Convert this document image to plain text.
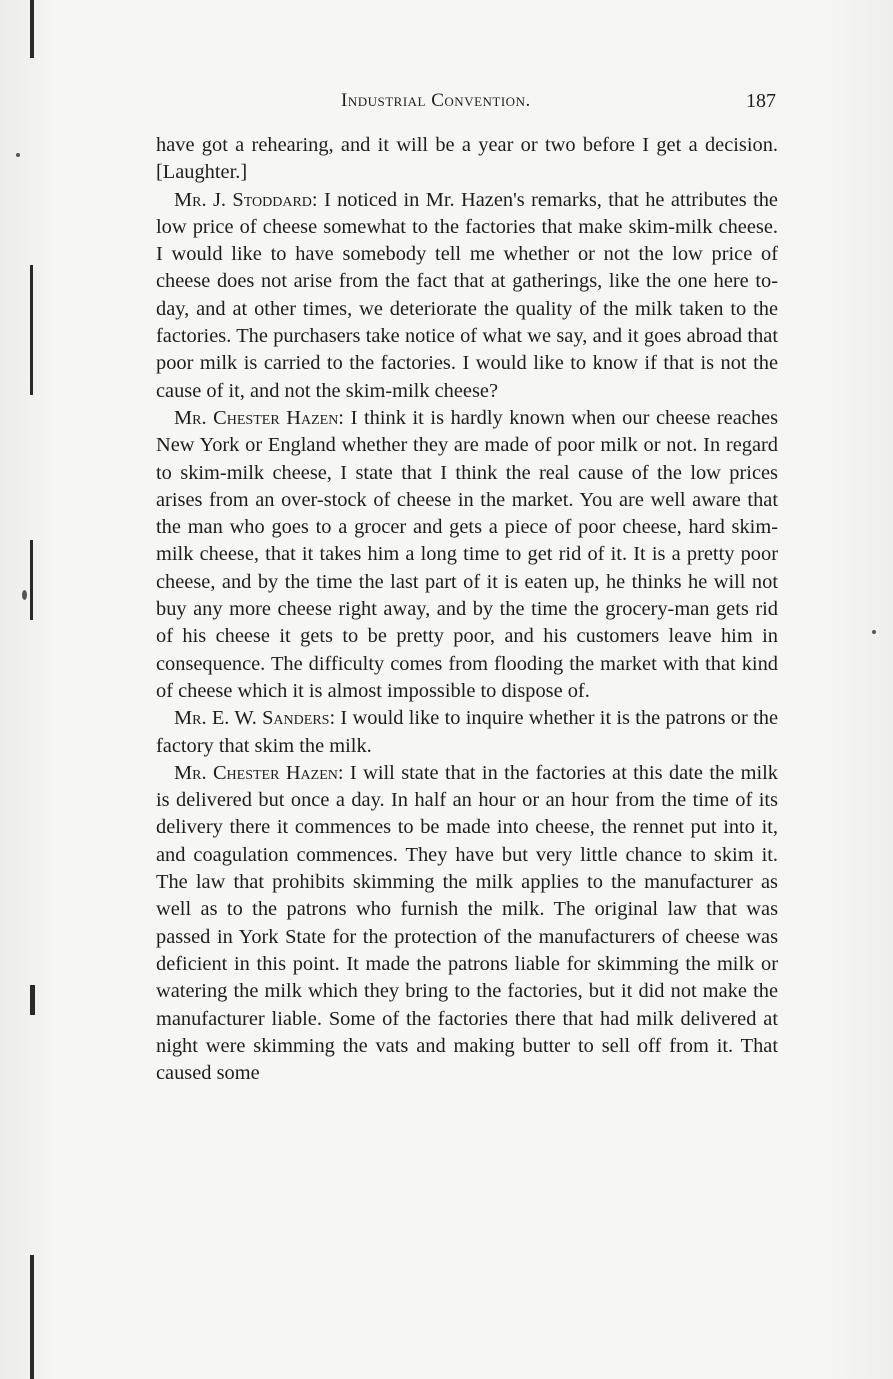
Industrial Convention.	187

have got a rehearing, and it will be a year or two before I get a decision. [Laughter.]

Mr. J. Stoddard: I noticed in Mr. Hazen's remarks, that he attributes the low price of cheese somewhat to the factories that make skim-milk cheese. I would like to have somebody tell me whether or not the low price of cheese does not arise from the fact that at gatherings, like the one here to-day, and at other times, we deteriorate the quality of the milk taken to the factories. The purchasers take notice of what we say, and it goes abroad that poor milk is carried to the factories. I would like to know if that is not the cause of it, and not the skim-milk cheese?

Mr. Chester Hazen: I think it is hardly known when our cheese reaches New York or England whether they are made of poor milk or not. In regard to skim-milk cheese, I state that I think the real cause of the low prices arises from an over-stock of cheese in the market. You are well aware that the man who goes to a grocer and gets a piece of poor cheese, hard skim-milk cheese, that it takes him a long time to get rid of it. It is a pretty poor cheese, and by the time the last part of it is eaten up, he thinks he will not buy any more cheese right away, and by the time the grocery-man gets rid of his cheese it gets to be pretty poor, and his customers leave him in consequence. The difficulty comes from flooding the market with that kind of cheese which it is almost impossible to dispose of.

Mr. E. W. Sanders: I would like to inquire whether it is the patrons or the factory that skim the milk.

Mr. Chester Hazen: I will state that in the factories at this date the milk is delivered but once a day. In half an hour or an hour from the time of its delivery there it commences to be made into cheese, the rennet put into it, and coagulation commences. They have but very little chance to skim it. The law that prohibits skimming the milk applies to the manufacturer as well as to the patrons who furnish the milk. The original law that was passed in York State for the protection of the manufacturers of cheese was deficient in this point. It made the patrons liable for skimming the milk or watering the milk which they bring to the factories, but it did not make the manufacturer liable. Some of the factories there that had milk delivered at night were skimming the vats and making butter to sell off from it. That caused some
